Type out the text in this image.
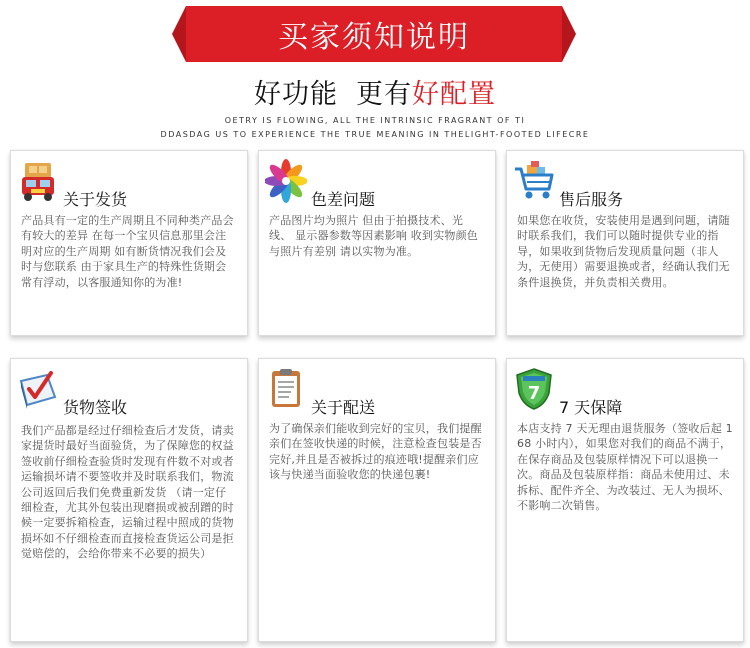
买家须知说明
好功能 更有好配置
OETRY IS FLOWING, ALL THE INTRINSIC FRAGRANT OF TI
DDASDAG US TO EXPERIENCE THE TRUE MEANING IN THELIGHT-FOOTED LIFECRE
关于发货
产品具有一定的生产周期且不同种类产品会有较大的差异 在每一个宝贝信息那里会注明对应的生产周期 如有断货情况我们会及时与您联系 由于家具生产的特殊性货期会常有浮动，以客服通知你的为准!
色差问题
产品图片均为照片 但由于拍摄技术、光线、 显示器参数等因素影响 收到实物颜色与照片有差别 请以实物为准。
售后服务
如果您在收货，安装使用是遇到问题，请随时联系我们，我们可以随时提供专业的指导，如果收到货物后发现质量问题（非人为，无使用）需要退换或者，经确认我们无条件退换货，并负责相关费用。
货物签收
我们产品都是经过仔细检查后才发货，请卖家提货时最好当面验货，为了保障您的权益签收前仔细检查验货时发现有件数不对或者运输损坏请不要签收并及时联系我们，物流公司返回后我们免费重新发货 （请一定仔细检查，尤其外包装出现磨损或被刮蹭的时候一定要拆箱检查，运输过程中照成的货物损坏如不仔细检查而直接检查货运公司是拒觉赔偿的，会给你带来不必要的损失）
关于配送
为了确保亲们能收到完好的宝贝，我们提醒亲们在签收快递的时候，注意检查包装是否完好,并且是否被拆过的痕迹哦!提醒亲们应该与快递当面验收您的快递包裹!
7
7 天保障
本店支持 7 天无理由退货服务（签收后起 168 小时内），如果您对我们的商品不满于，在保存商品及包装原样情况下可以退换一次。商品及包装原样指：商品未使用过、未拆标、配件齐全、为改装过、无人为损坏、不影响二次销售。
